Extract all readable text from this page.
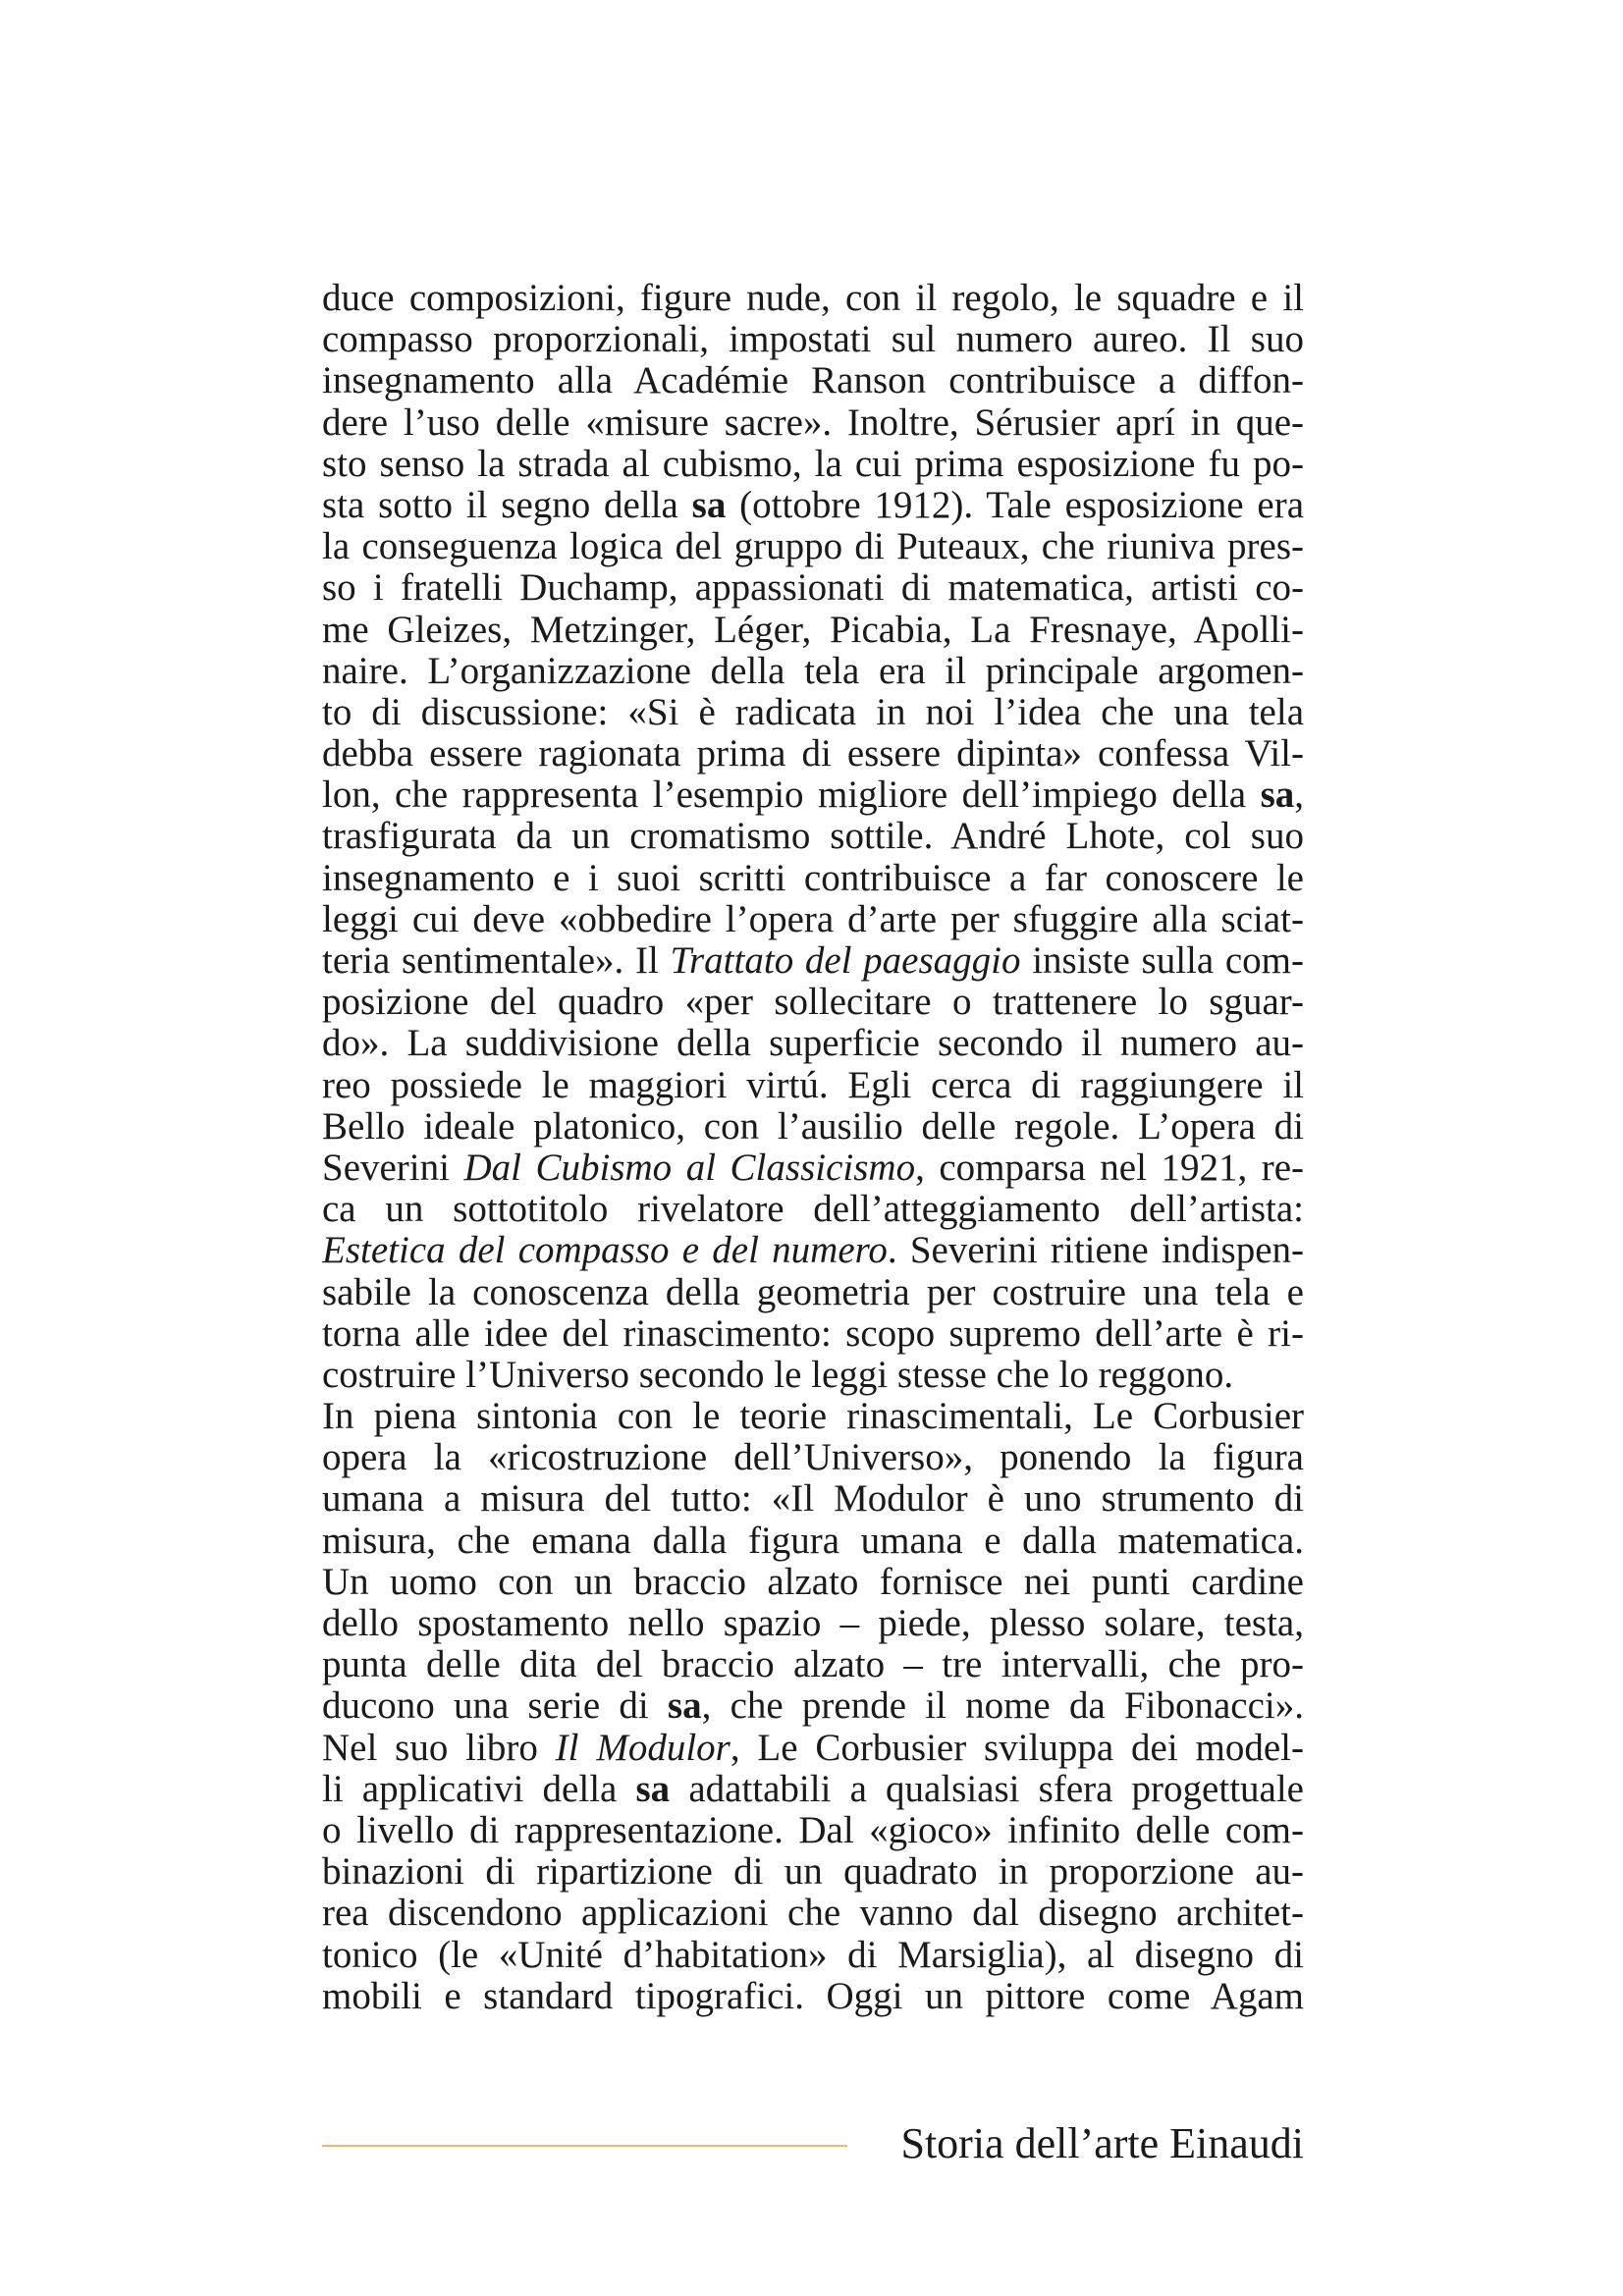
duce composizioni, figure nude, con il regolo, le squadre e il
compasso proporzionali, impostati sul numero aureo. Il suo
insegnamento alla Académie Ranson contribuisce a diffon-
dere l’uso delle «misure sacre». Inoltre, Sérusier aprí in que-
sto senso la strada al cubismo, la cui prima esposizione fu po-
sta sotto il segno della sa (ottobre 1912). Tale esposizione era
la conseguenza logica del gruppo di Puteaux, che riuniva pres-
so i fratelli Duchamp, appassionati di matematica, artisti co-
me Gleizes, Metzinger, Léger, Picabia, La Fresnaye, Apolli-
naire. L’organizzazione della tela era il principale argomen-
to di discussione: «Si è radicata in noi l’idea che una tela
debba essere ragionata prima di essere dipinta» confessa Vil-
lon, che rappresenta l’esempio migliore dell’impiego della sa,
trasfigurata da un cromatismo sottile. André Lhote, col suo
insegnamento e i suoi scritti contribuisce a far conoscere le
leggi cui deve «obbedire l’opera d’arte per sfuggire alla sciat-
teria sentimentale». Il Trattato del paesaggio insiste sulla com-
posizione del quadro «per sollecitare o trattenere lo sguar-
do». La suddivisione della superficie secondo il numero au-
reo possiede le maggiori virtú. Egli cerca di raggiungere il
Bello ideale platonico, con l’ausilio delle regole. L’opera di
Severini Dal Cubismo al Classicismo, comparsa nel 1921, re-
ca un sottotitolo rivelatore dell’atteggiamento dell’artista:
Estetica del compasso e del numero. Severini ritiene indispen-
sabile la conoscenza della geometria per costruire una tela e
torna alle idee del rinascimento: scopo supremo dell’arte è ri-
costruire l’Universo secondo le leggi stesse che lo reggono.
In piena sintonia con le teorie rinascimentali, Le Corbusier
opera la «ricostruzione dell’Universo», ponendo la figura
umana a misura del tutto: «Il Modulor è uno strumento di
misura, che emana dalla figura umana e dalla matematica.
Un uomo con un braccio alzato fornisce nei punti cardine
dello spostamento nello spazio – piede, plesso solare, testa,
punta delle dita del braccio alzato – tre intervalli, che pro-
ducono una serie di sa, che prende il nome da Fibonacci».
Nel suo libro Il Modulor, Le Corbusier sviluppa dei model-
li applicativi della sa adattabili a qualsiasi sfera progettuale
o livello di rappresentazione. Dal «gioco» infinito delle com-
binazioni di ripartizione di un quadrato in proporzione au-
rea discendono applicazioni che vanno dal disegno architet-
tonico (le «Unité d’habitation» di Marsiglia), al disegno di
mobili e standard tipografici. Oggi un pittore come Agam
Storia dell’arte Einaudi
